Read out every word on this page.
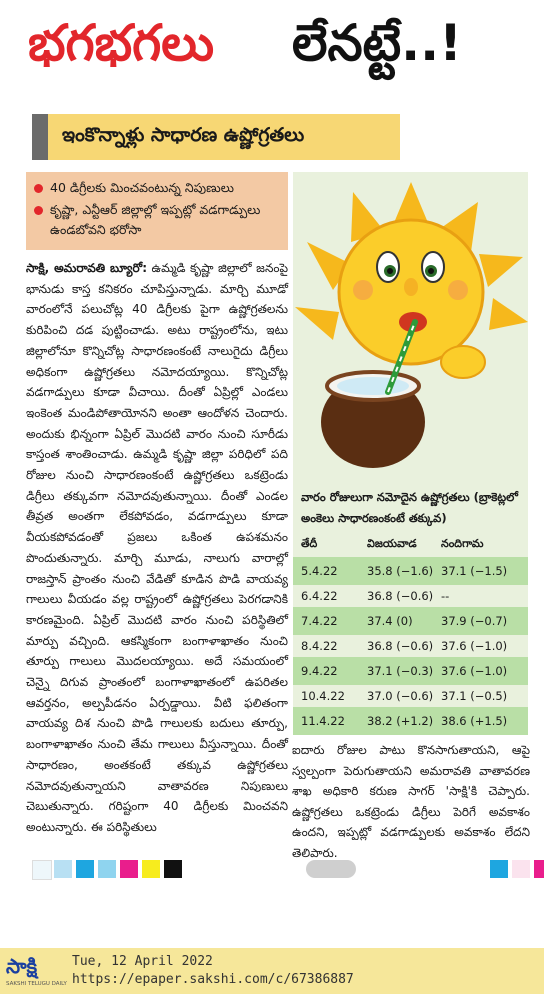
భగభగలు లేనట్టే..!
ఇంకొన్నాళ్లు సాధారణ ఉష్ణోగ్రతలు
40 డిగ్రీలకు మించవంటున్న నిపుణులు
కృష్ణా, ఎన్టీఆర్ జిల్లాల్లో ఇప్పట్లో వడగాడ్పులు ఉండబోవని భరోసా
సాక్షి, అమరావతి బ్యూరో: ఉమ్మడి కృష్ణా జిల్లాలో జనంపై భానుడు కాస్త కనికరం చూపిస్తున్నాడు. మార్చి మూడో వారంలోనే పలుచోట్ల 40 డిగ్రీలకు పైగా ఉష్ణోగ్రతలను కురిపించి దడ పుట్టించాడు. అటు రాష్ట్రంలోను, ఇటు జిల్లాలోనూ కొన్నిచోట్ల సాధారణంకంటే నాలుగైదు డిగ్రీలు అధికంగా ఉష్ణోగ్రతలు నమోదయ్యాయి. కొన్నిచోట్ల వడగాడ్పులు కూడా వీచాయి. దీంతో ఏప్రిల్లో ఎండలు ఇంకెంత మండిపోతాయోనని అంతా ఆందోళన చెందారు. అందుకు భిన్నంగా ఏప్రిల్ మొదటి వారం నుంచి సూరీడు కాస్తంత శాంతించాడు. ఉమ్మడి కృష్ణా జిల్లా పరిధిలో పది రోజుల నుంచి సాధారణంకంటే ఉష్ణోగ్రతలు ఒకట్రెండు డిగ్రీలు తక్కువగా నమోదవుతున్నాయి. దీంతో ఎండల తీవ్రత అంతగా లేకపోవడం, వడగాడ్పులు కూడా వీయకపోవడంతో ప్రజలు ఒకింత ఉపశమనం పొందుతున్నారు. మార్చి మూడు, నాలుగు వారాల్లో రాజస్తాన్ ప్రాంతం నుంచి వేడితో కూడిన పొడి వాయవ్య గాలులు వీయడం వల్ల రాష్ట్రంలో ఉష్ణోగ్రతలు పెరగడానికి కారణమైంది. ఏప్రిల్ మొదటి వారం నుంచి పరిస్థితిలో మార్పు వచ్చింది. ఆకస్మికంగా బంగాళాఖాతం నుంచి తూర్పు గాలులు మొదలయ్యాయి. అదే సమయంలో చెన్నై దిగువ ప్రాంతంలో బంగాళాఖాతంలో ఉపరితల ఆవర్తనం, అల్పపీడనం ఏర్పడ్డాయి. వీటి ఫలితంగా వాయవ్య దిశ నుంచి పొడి గాలులకు బదులు తూర్పు, బంగాళాఖాతం నుంచి తేమ గాలులు వీస్తున్నాయి. దీంతో సాధారణం, అంతకంటే తక్కువ ఉష్ణోగ్రతలు నమోదవుతున్నాయని వాతావరణ నిపుణులు చెబుతున్నారు. గరిష్టంగా 40 డిగ్రీలకు మించవని అంటున్నారు. ఈ పరిస్థితులు
వారం రోజులుగా నమోదైన ఉష్ణోగ్రతలు (బ్రాకెట్లలో అంకెలు సాధారణంకంటే తక్కువ)
తేదీ	విజయవాడ నందిగామ
5.4.22	35.8 (−1.6) 37.1 (−1.5)
6.4.22	36.8 (−0.6) --
7.4.22	37.4 (0) 37.9 (−0.7)
8.4.22	36.8 (−0.6) 37.6 (−1.0)
9.4.22	37.1 (−0.3) 37.6 (−1.0)
10.4.22 37.0 (−0.6) 37.1 (−0.5)
11.4.22 38.2 (+1.2) 38.6 (+1.5)
ఐదారు రోజుల పాటు కొనసాగుతాయని, ఆపై స్వల్పంగా పెరుగుతాయని అమరావతి వాతావరణ శాఖ అధికారి కరుణ సాగర్ 'సాక్షి'కి చెప్పారు. ఉష్ణోగ్రతలు ఒకట్రెండు డిగ్రీలు పెరిగే అవకాశం ఉందని, ఇప్పట్లో వడగాడ్పులకు అవకాశం లేదని తెలిపారు.
సాక్షి
SAKSHI TELUGU DAILY
Tue, 12 April 2022
https://epaper.sakshi.com/c/67386887
